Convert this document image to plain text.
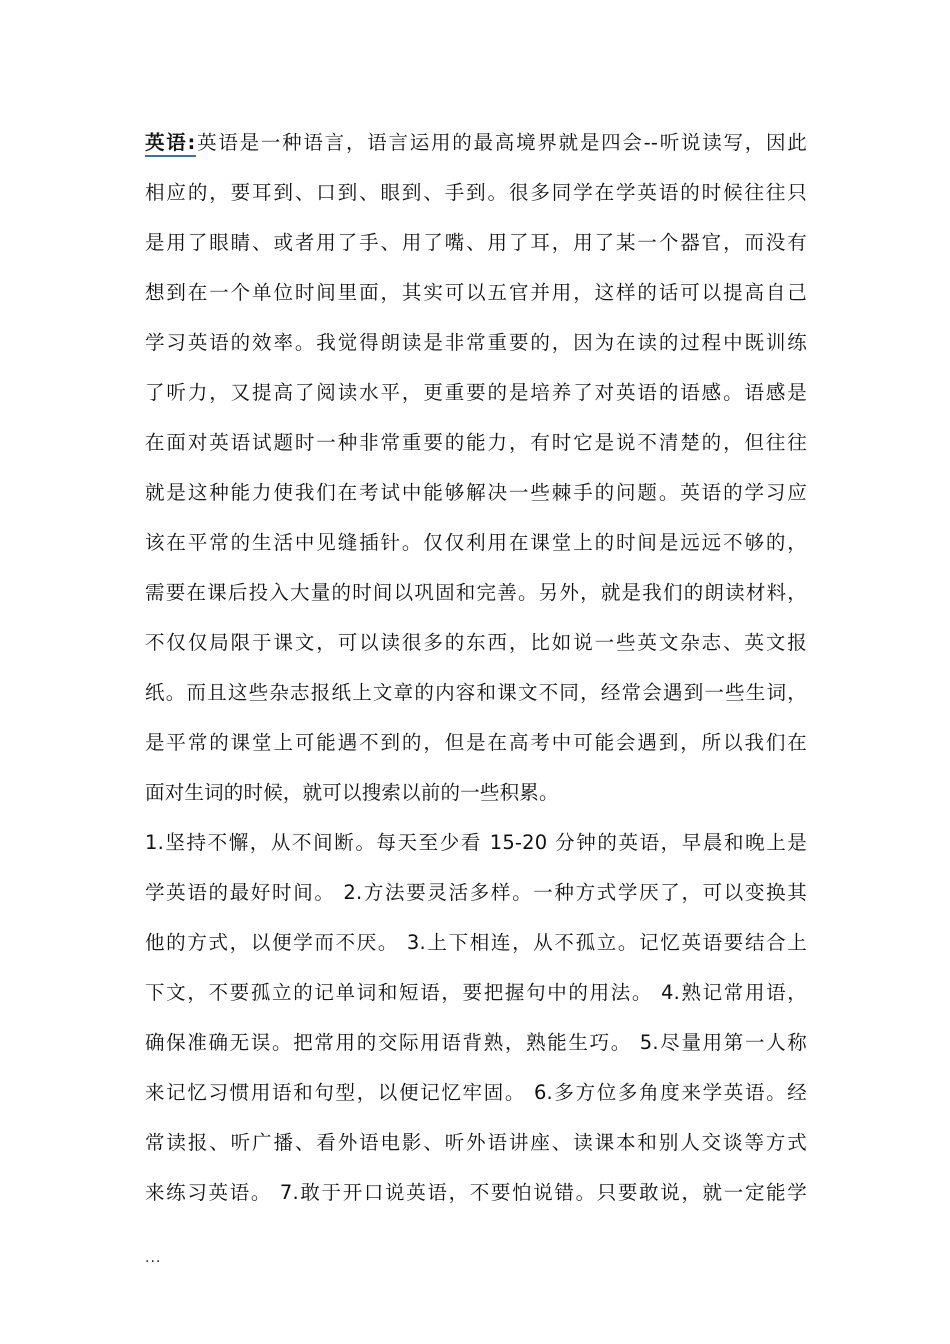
英语:英语是一种语言，语言运用的最高境界就是四会--听说读写，因此
相应的，要耳到、口到、眼到、手到。很多同学在学英语的时候往往只
是用了眼睛、或者用了手、用了嘴、用了耳，用了某一个器官，而没有
想到在一个单位时间里面，其实可以五官并用，这样的话可以提高自己
学习英语的效率。我觉得朗读是非常重要的，因为在读的过程中既训练
了听力，又提高了阅读水平，更重要的是培养了对英语的语感。语感是
在面对英语试题时一种非常重要的能力，有时它是说不清楚的，但往往
就是这种能力使我们在考试中能够解决一些棘手的问题。英语的学习应
该在平常的生活中见缝插针。仅仅利用在课堂上的时间是远远不够的，
需要在课后投入大量的时间以巩固和完善。另外，就是我们的朗读材料，
不仅仅局限于课文，可以读很多的东西，比如说一些英文杂志、英文报
纸。而且这些杂志报纸上文章的内容和课文不同，经常会遇到一些生词，
是平常的课堂上可能遇不到的，但是在高考中可能会遇到，所以我们在
面对生词的时候，就可以搜索以前的一些积累。
1.坚持不懈，从不间断。每天至少看 15-20 分钟的英语，早晨和晚上是
学英语的最好时间。 2.方法要灵活多样。一种方式学厌了，可以变换其
他的方式，以便学而不厌。 3.上下相连，从不孤立。记忆英语要结合上
下文，不要孤立的记单词和短语，要把握句中的用法。 4.熟记常用语，
确保准确无误。把常用的交际用语背熟，熟能生巧。 5.尽量用第一人称
来记忆习惯用语和句型，以便记忆牢固。 6.多方位多角度来学英语。经
常读报、听广播、看外语电影、听外语讲座、读课本和别人交谈等方式
来练习英语。 7.敢于开口说英语，不要怕说错。只要敢说，就一定能学
...
